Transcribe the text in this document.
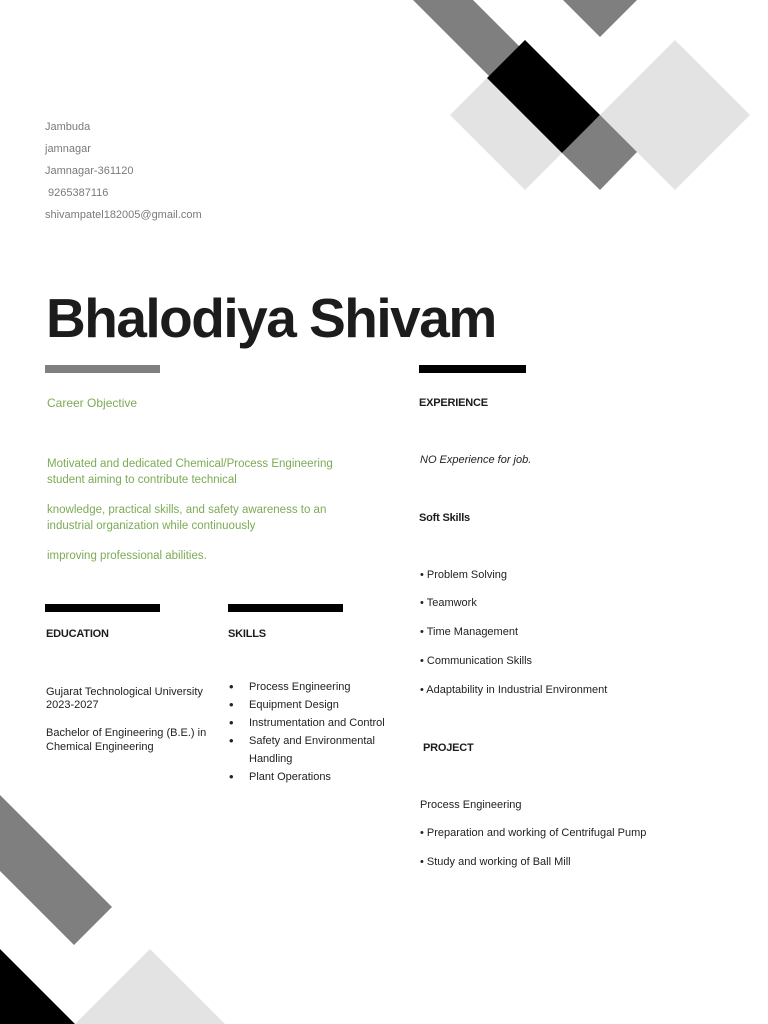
Jambuda
jamnagar
Jamnagar-361120
9265387116
shivampatel182005@gmail.com
Bhalodiya Shivam
Career Objective
Motivated and dedicated Chemical/Process Engineering student aiming to contribute technical
knowledge, practical skills, and safety awareness to an industrial organization while continuously
improving professional abilities.
EDUCATION
Gujarat Technological University
2023-2027
Bachelor of Engineering (B.E.) in Chemical Engineering
SKILLS
• Process Engineering
• Equipment Design
• Instrumentation and Control
• Safety and Environmental Handling
• Plant Operations
EXPERIENCE
NO Experience for job.
Soft Skills
• Problem Solving
• Teamwork
• Time Management
• Communication Skills
• Adaptability in Industrial Environment
PROJECT
Process Engineering
• Preparation and working of Centrifugal Pump
• Study and working of Ball Mill
